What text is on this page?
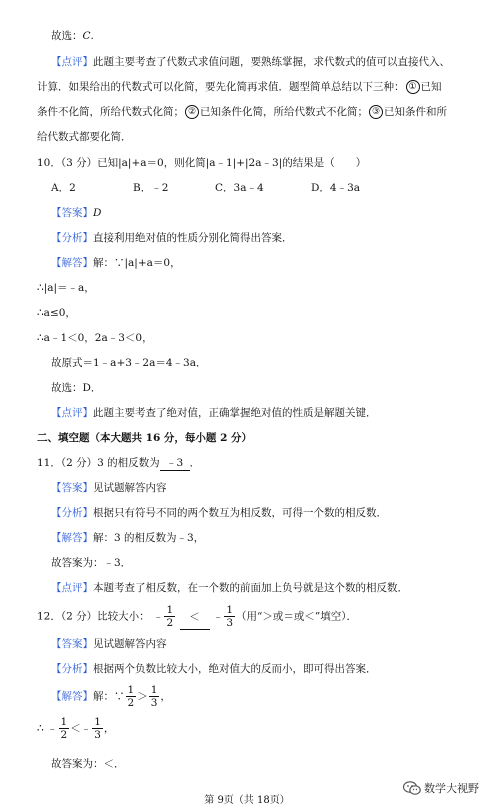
故选：C.
【点评】此题主要考查了代数式求值问题，要熟练掌握，求代数式的值可以直接代入、
计算．如果给出的代数式可以化简，要先化简再求值．题型简单总结以下三种： ① 已知
条件不化简，所给代数式化简； ② 已知条件化简，所给代数式不化简； ③ 已知条件和所
给代数式都要化简．
10．（3 分）已知|a|+a＝0，则化简|a﹣1|+|2a﹣3|的结果是（　　）
A．2	B．﹣2	C．3a﹣4	D．4﹣3a
【答案】D
【分析】直接利用绝对值的性质分别化简得出答案．
【解答】解：∵|a|+a＝0，
∴|a|＝﹣a，
∴a≤0，
∴a﹣1＜0，2a﹣3＜0，
故原式＝1﹣a+3﹣2a＝4﹣3a．
故选：D．
【点评】此题主要考查了绝对值，正确掌握绝对值的性质是解题关键．
二、填空题（本大题共 16 分，每小题 2 分）
11．（2 分）3 的相反数为 ﹣3 ．
【答案】见试题解答内容
【分析】根据只有符号不同的两个数互为相反数，可得一个数的相反数．
【解答】解：3 的相反数为﹣3，
故答案为：﹣3．
【点评】本题考查了相反数，在一个数的前面加上负号就是这个数的相反数．
12．（2 分）比较大小： ﹣ $\frac{1}{2}$ ＜ ﹣ $\frac{1}{3}$ （用“＞或＝或＜”填空）．
【答案】见试题解答内容
【分析】根据两个负数比较大小，绝对值大的反而小，即可得出答案．
【解答】解：∵ $\frac{1}{2} > \frac{1}{3}$ ，
∴ ﹣ $\frac{1}{2}$ ＜﹣ $\frac{1}{3}$ ，
故答案为：＜．
第 9页（共 18页）
数学大视野
